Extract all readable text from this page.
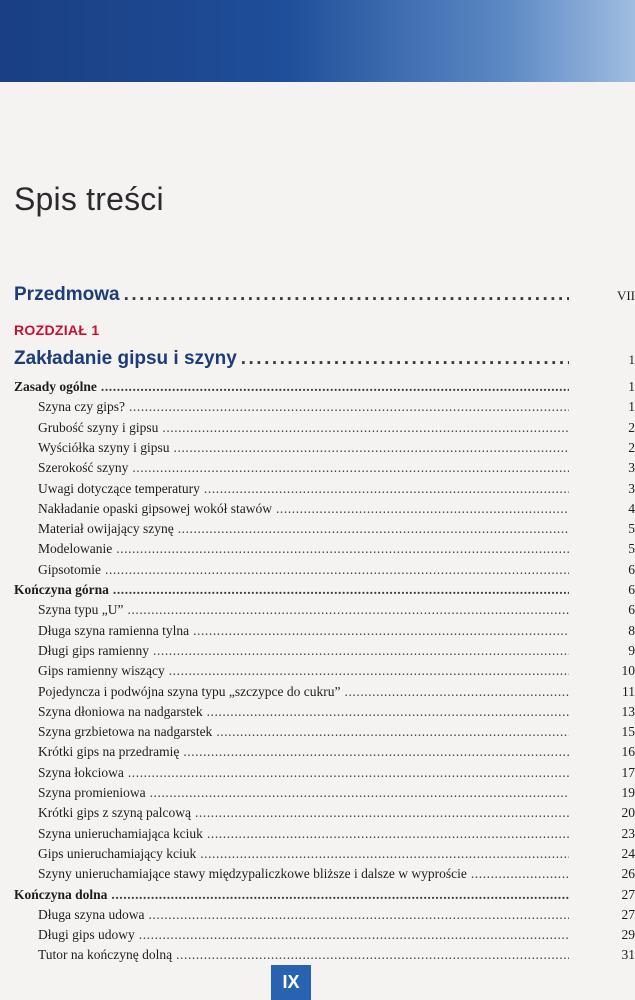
Spis treści
Przedmowa . . .	VII
ROZDZIAŁ 1
Zakładanie gipsu i szyny . . .	1
Zasady ogólne . . .	1
Szyna czy gips? . . .	1
Grubość szyny i gipsu . . .	2
Wyściółka szyny i gipsu . . .	2
Szerokość szyny . . .	3
Uwagi dotyczące temperatury . . .	3
Nakładanie opaski gipsowej wokół stawów . . .	4
Materiał owijający szynę . . .	5
Modelowanie . . .	5
Gipsotomie . . .	6
Kończyna górna . . .	6
Szyna typu „U” . . .	6
Długa szyna ramienna tylna . . .	8
Długi gips ramienny . . .	9
Gips ramienny wiszący . . .	10
Pojedyncza i podwójna szyna typu „szczypce do cukru” . . .	11
Szyna dłoniowa na nadgarstek . . .	13
Szyna grzbietowa na nadgarstek . . .	15
Krótki gips na przedramię . . .	16
Szyna łokciowa . . .	17
Szyna promieniowa . . .	19
Krótki gips z szyną palcową . . .	20
Szyna unieruchamiająca kciuk . . .	23
Gips unieruchamiający kciuk . . .	24
Szyny unieruchamiające stawy międzypaliczkowe bliższe i dalsze w wyproście . . .	26
Kończyna dolna . . .	27
Długa szyna udowa . . .	27
Długi gips udowy . . .	29
Tutor na kończynę dolną . . .	31
IX
